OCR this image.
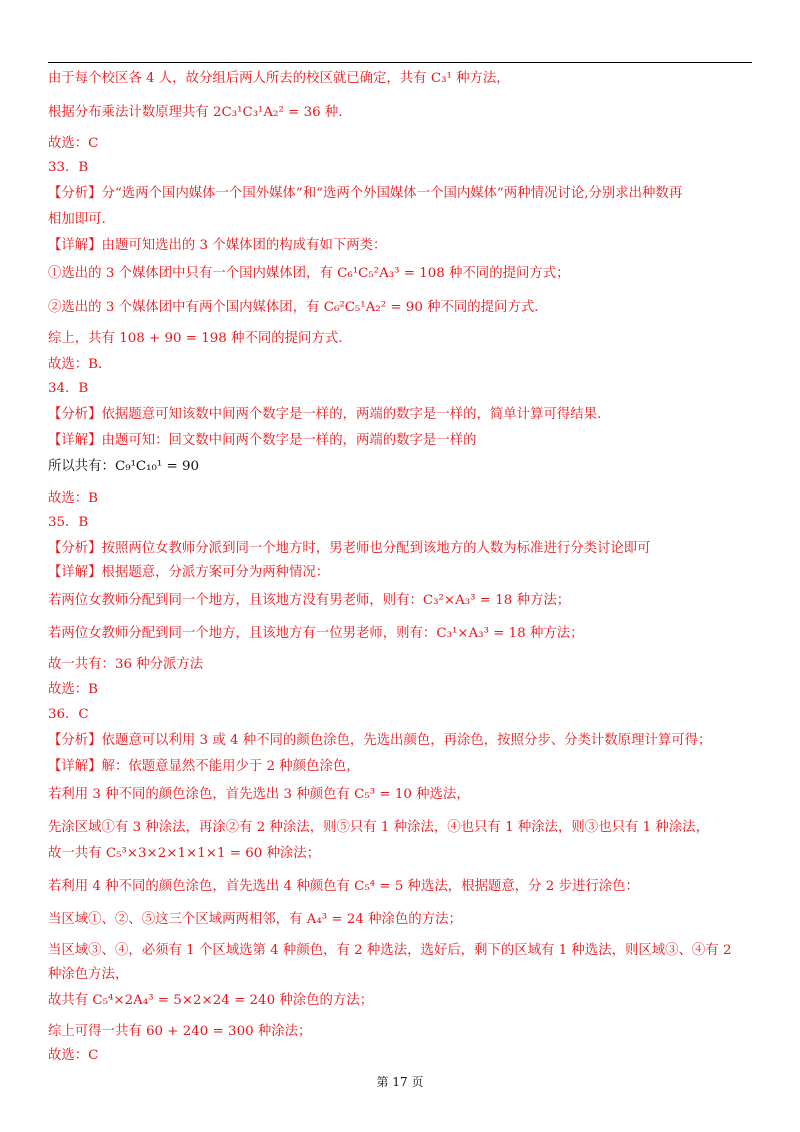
由于每个校区各 4 人，故分组后两人所去的校区就已确定，共有 C₃¹ 种方法，
根据分布乘法计数原理共有 2C₃¹C₃¹A₂² = 36 种.
故选：C
33．B
【分析】分“选两个国内媒体一个国外媒体”和“选两个外国媒体一个国内媒体”两种情况讨论,分别求出种数再
相加即可.
【详解】由题可知选出的 3 个媒体团的构成有如下两类：
①选出的 3 个媒体团中只有一个国内媒体团，有 C₆¹C₅²A₃³ = 108 种不同的提问方式；
②选出的 3 个媒体团中有两个国内媒体团，有 C₆²C₅¹A₂² = 90 种不同的提问方式.
综上，共有 108 + 90 = 198 种不同的提问方式.
故选：B.
34．B
【分析】依据题意可知该数中间两个数字是一样的，两端的数字是一样的，简单计算可得结果.
【详解】由题可知：回文数中间两个数字是一样的，两端的数字是一样的
所以共有：C₉¹C₁₀¹ = 90
故选：B
35．B
【分析】按照两位女教师分派到同一个地方时，男老师也分配到该地方的人数为标准进行分类讨论即可
【详解】根据题意，分派方案可分为两种情况：
若两位女教师分配到同一个地方，且该地方没有男老师，则有：C₃²×A₃³ = 18 种方法；
若两位女教师分配到同一个地方，且该地方有一位男老师，则有：C₃¹×A₃³ = 18 种方法；
故一共有：36 种分派方法
故选：B
36．C
【分析】依题意可以利用 3 或 4 种不同的颜色涂色，先选出颜色，再涂色，按照分步、分类计数原理计算可得；
【详解】解：依题意显然不能用少于 2 种颜色涂色，
若利用 3 种不同的颜色涂色，首先选出 3 种颜色有 C₅³ = 10 种选法，
先涂区域①有 3 种涂法，再涂②有 2 种涂法，则⑤只有 1 种涂法，④也只有 1 种涂法，则③也只有 1 种涂法，
故一共有 C₅³×3×2×1×1×1 = 60 种涂法；
若利用 4 种不同的颜色涂色，首先选出 4 种颜色有 C₅⁴ = 5 种选法，根据题意，分 2 步进行涂色：
当区域①、②、⑤这三个区域两两相邻，有 A₄³ = 24 种涂色的方法；
当区域③、④，必须有 1 个区域选第 4 种颜色，有 2 种选法，选好后，剩下的区域有 1 种选法，则区域③、④有 2
种涂色方法，
故共有 C₅⁴×2A₄³ = 5×2×24 = 240 种涂色的方法；
综上可得一共有 60 + 240 = 300 种涂法；
故选：C
第 17 页
